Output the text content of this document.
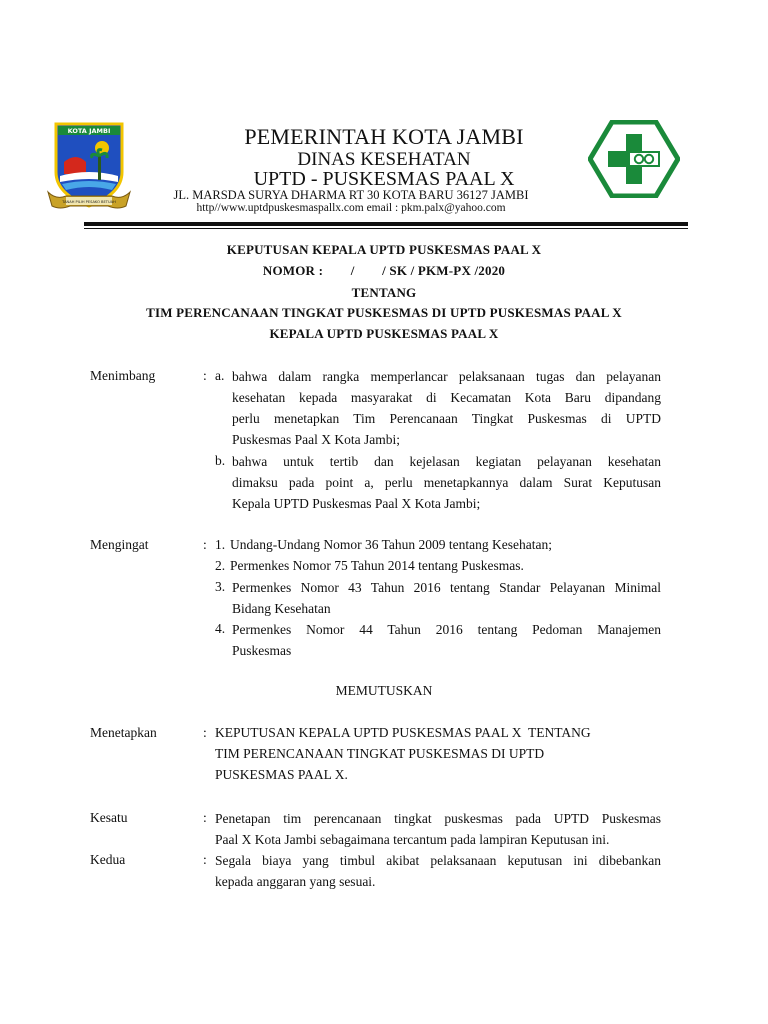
KOTA JAMBI
TANAH PILIH PESAKO BETUAH
PEMERINTAH KOTA JAMBI
DINAS KESEHATAN
UPTD - PUSKESMAS PAAL X
JL. MARSDA SURYA DHARMA RT 30 KOTA BARU 36127 JAMBI
http//www.uptdpuskesmaspallx.com email : pkm.palx@yahoo.com
KEPUTUSAN KEPALA UPTD PUSKESMAS PAAL X
NOMOR :        /        / SK / PKM-PX /2020
TENTANG
TIM PERENCANAAN TINGKAT PUSKESMAS DI UPTD PUSKESMAS PAAL X
KEPALA UPTD PUSKESMAS PAAL X
Menimbang	: a. bahwa dalam rangka memperlancar pelaksanaan tugas dan pelayanan
kesehatan kepada masyarakat di Kecamatan Kota Baru dipandang
perlu menetapkan Tim Perencanaan Tingkat Puskesmas di UPTD
Puskesmas Paal X Kota Jambi;
b. bahwa untuk tertib dan kejelasan kegiatan pelayanan kesehatan
dimaksu pada point a, perlu menetapkannya dalam Surat Keputusan
Kepala UPTD Puskesmas Paal X Kota Jambi;
Mengingat	: 1. Undang-Undang Nomor 36 Tahun 2009 tentang Kesehatan;
2. Permenkes Nomor 75 Tahun 2014 tentang Puskesmas.
3. Permenkes Nomor 43 Tahun 2016 tentang Standar Pelayanan Minimal
Bidang Kesehatan
4. Permenkes Nomor 44 Tahun 2016 tentang Pedoman Manajemen
Puskesmas
MEMUTUSKAN
Menetapkan	: KEPUTUSAN KEPALA UPTD PUSKESMAS PAAL X  TENTANG
TIM PERENCANAAN TINGKAT PUSKESMAS DI UPTD
PUSKESMAS PAAL X.
Kesatu	: Penetapan tim perencanaan tingkat puskesmas pada UPTD Puskesmas
Paal X Kota Jambi sebagaimana tercantum pada lampiran Keputusan ini.
Kedua	: Segala biaya yang timbul akibat pelaksanaan keputusan ini dibebankan
kepada anggaran yang sesuai.
